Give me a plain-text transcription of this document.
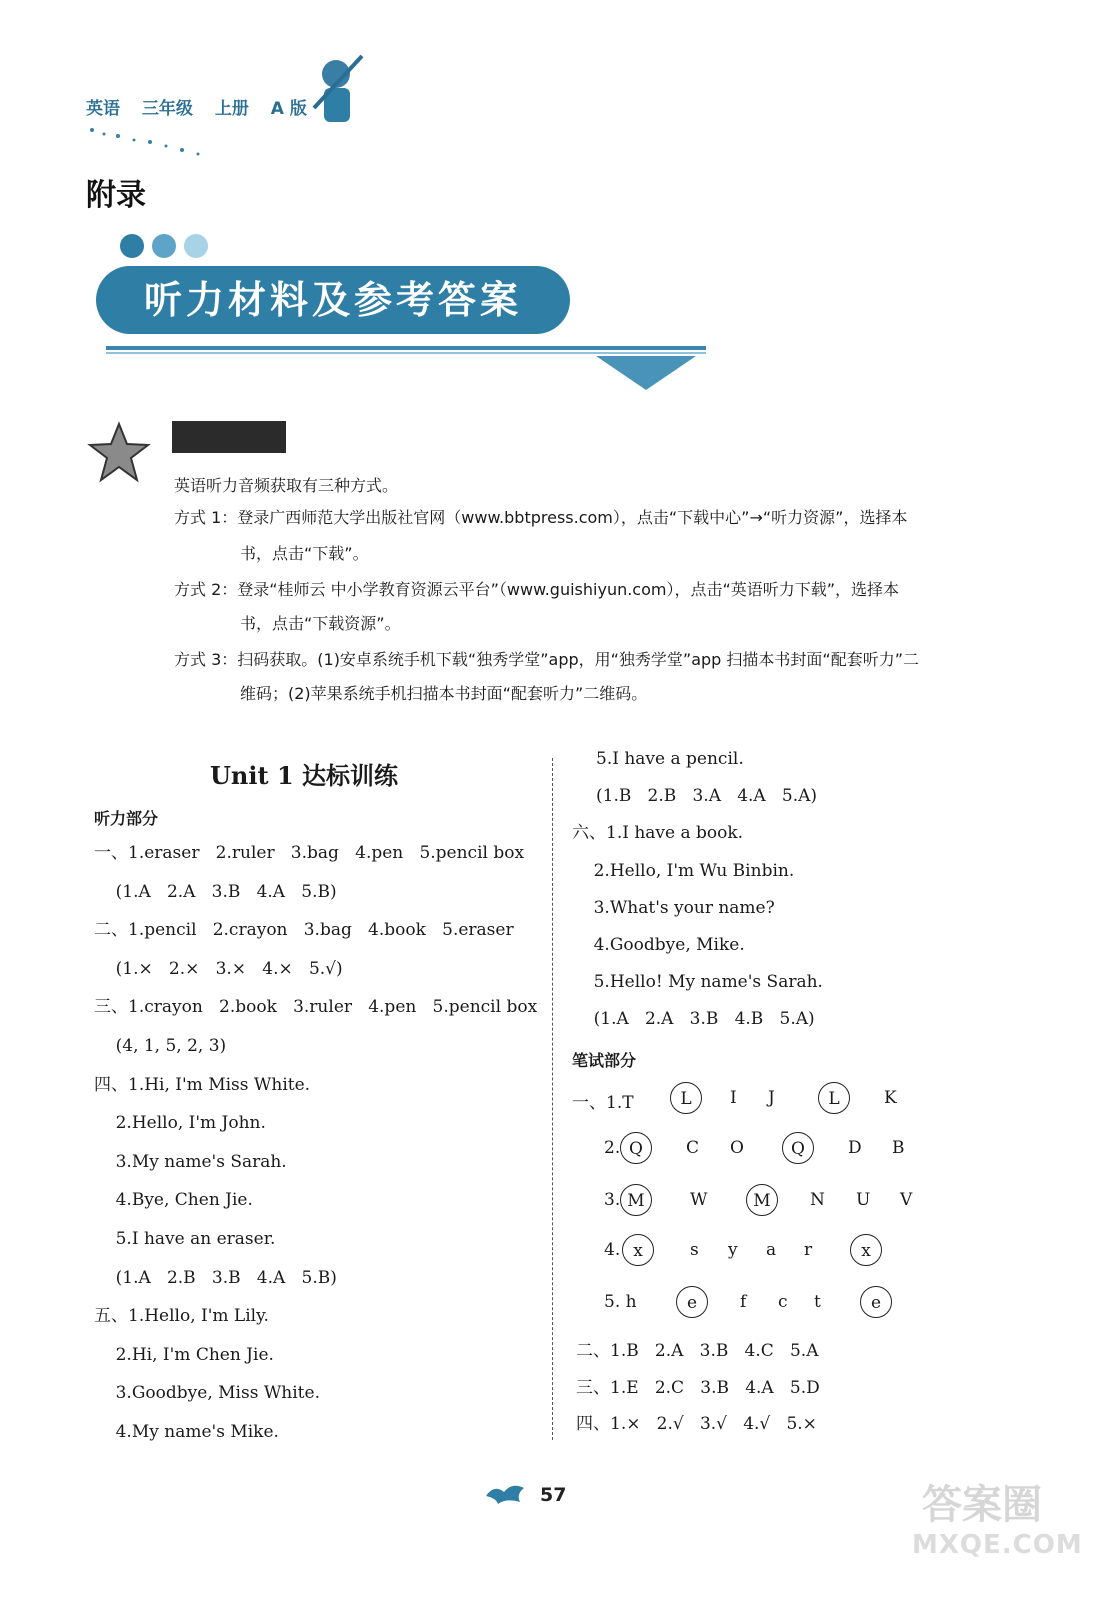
英语 三年级 上册 A 版
附录
听力材料及参考答案
温馨提示
英语听力音频获取有三种方式。
方式 1：登录广西师范大学出版社官网（www.bbtpress.com），点击“下载中心”→“听力资源”，选择本
书，点击“下载”。
方式 2：登录“桂师云 中小学教育资源云平台”（www.guishiyun.com），点击“英语听力下载”，选择本
书，点击“下载资源”。
方式 3：扫码获取。(1)安卓系统手机下载“独秀学堂”app，用“独秀学堂”app 扫描本书封面“配套听力”二
维码；(2)苹果系统手机扫描本书封面“配套听力”二维码。
Unit 1 达标训练
听力部分
一、1.eraser   2.ruler   3.bag   4.pen   5.pencil box
(1.A   2.A   3.B   4.A   5.B)
二、1.pencil   2.crayon   3.bag   4.book   5.eraser
(1.×   2.×   3.×   4.×   5.√)
三、1.crayon   2.book   3.ruler   4.pen   5.pencil box
(4, 1, 5, 2, 3)
四、1.Hi, I'm Miss White.
2.Hello, I'm John.
3.My name's Sarah.
4.Bye, Chen Jie.
5.I have an eraser.
(1.A   2.B   3.B   4.A   5.B)
五、1.Hello, I'm Lily.
2.Hi, I'm Chen Jie.
3.Goodbye, Miss White.
4.My name's Mike.
5.I have a pencil.
(1.B   2.B   3.A   4.A   5.A)
六、1.I have a book.
2.Hello, I'm Wu Binbin.
3.What's your name?
4.Goodbye, Mike.
5.Hello! My name's Sarah.
(1.A   2.A   3.B   4.B   5.A)
笔试部分
一、1.T	L	I J	L	K
2. Q	C O	Q	D B
3. M	W	M	N U V
4. x	s y a r	x
5. h	e	f c t	e
二、1.B   2.A   3.B   4.C   5.A
三、1.E   2.C   3.B   4.A   5.D
四、1.×   2.√   3.√   4.√   5.×
57	答案圈
MXQE.COM
